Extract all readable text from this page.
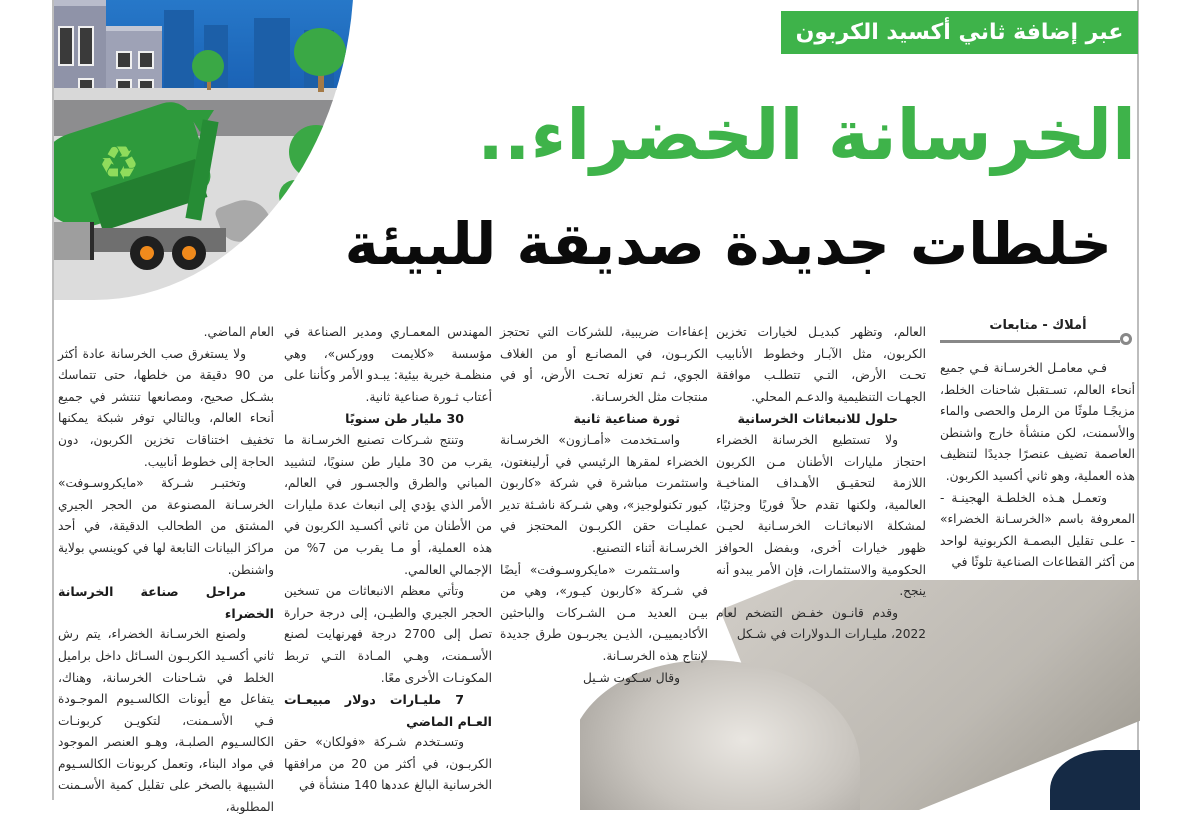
♻
عبر إضافة ثاني أكسيد الكربون
الخرسانة الخضراء..
خلطات جديدة صديقة للبيئة
أملاك - متابعات

فـي معامـل الخرسـانة فـي جميع أنحاء العالم، تسـتقبل شاحنات الخلط، مزيجًـا ملوثًا من الرمل والحصى والماء والأسمنت، لكن منشأة خارج واشنطن العاصمة تضيف عنصرًا جديدًا لتنظيف هذه العملية، وهو ثاني أكسيد الكربون.

وتعمـل هـذه الخلطـة الهجينـة - المعروفة باسم «الخرسـانة الخضراء» - علـى تقليل البصمـة الكربونية لواحد من أكثر القطاعات الصناعية تلوثًا في

العالم، وتظهر كبديـل لخيارات تخزين الكربون، مثل الآبـار وخطوط الأنابيب تحـت الأرض، التـي تتطلـب موافقة الجهـات التنظيمية والدعـم المحلي.

حلول للانبعاثات الخرسانية

ولا تستطيع الخرسانة الخضراء احتجاز مليارات الأطنان مـن الكربون اللازمة لتحقيـق الأهـداف المناخيـة العالمية، ولكنها تقدم حلاً فوريًا وجزئيًا، لمشكلة الانبعاثـات الخرسـانية لحيـن ظهور خيارات أخرى، وبفضل الحوافز الحكومية والاستثمارات، فإن الأمر يبدو أنه ينجح.

وقدم قانـون خفـض التضخم لعام 2022، مليـارات الـدولارات في شـكل

إعفاءات ضريبية، للشركات التي تحتجز الكربـون، في المصانـع أو من الغلاف الجوي، ثـم تعزله تحـت الأرض، أو في منتجات مثل الخرسـانة.

ثورة صناعية ثانية

واسـتخدمت «أمـازون» الخرسـانة الخضراء لمقرها الرئيسي في أرلينغتون، واستثمرت مباشرة في شركة «كاربون كيور تكنولوجيز»، وهي شـركة ناشـئة تدير عمليـات حقن الكربـون المحتجز في الخرسـانة أثناء التصنيع.

واسـتثمرت «مايكروسـوفت» أيضًا في شـركة «كاربون كيـور»، وهي من بيـن العديد مـن الشـركات والباحثين الأكاديمييـن، الذيـن يجربـون طرق جديدة لإنتاج هذه الخرسـانة.

وقال سـكوت شـيل

المهندس المعمـاري ومدير الصناعة في مؤسسة «كلايمت ووركس»، وهي منظمـة خيرية بيئية: يبـدو الأمر وكأننا على أعتاب ثـورة صناعية ثانية.

30 مليار طن سنويًا

وتنتج شـركات تصنيع الخرسـانة ما يقرب من 30 مليار طن سنويًا، لتشييد المباني والطرق والجسـور في العالم، الأمر الذي يؤدي إلى انبعاث عدة مليارات من الأطنان من ثاني أكسـيد الكربون في هذه العملية، أو مـا يقرب من 7% من الإجمالي العالمي.

وتأتي معظم الانبعاثات من تسخين الحجر الجيري والطيـن، إلى درجة حرارة تصل إلى 2700 درجة فهرنهايت لصنع الأسـمنت، وهـي المـادة التـي تربط المكونـات الأخرى معًا.

7 مليـارات دولار مبيعـات العـام الماضي

وتسـتخدم شـركة «فولكان» حقن الكربـون، في أكثر من 20 من مرافقها الخرسانية البالغ عددها 140 منشأة في

العام الماضي.

ولا يستغرق صب الخرسانة عادة أكثر من 90 دقيقة من خلطها، حتى تتماسك بشـكل صحيح، ومصانعها تنتشر في جميع أنحاء العالم، وبالتالي توفر شبكة يمكنها تخفيف اختناقات تخزين الكربون، دون الحاجة إلى خطوط أنابيب.

وتختبـر شـركة «مايكروسـوفت» الخرسـانة المصنوعة من الحجر الجيري المشتق من الطحالب الدقيقة، في أحد مراكز البيانات التابعة لها في كوينسي بولاية واشنطن.

مراحل صناعة الخرسانة الخضراء

ولصنع الخرسـانة الخضراء، يتم رش ثاني أكسـيد الكربـون السـائل داخل براميل الخلط في شـاحنات الخرسانة، وهناك، يتفاعل مع أيونات الكالسـيوم الموجـودة فـي الأسـمنت، لتكويـن كربونـات الكالسـيوم الصلبـة، وهـو العنصر الموجود في مواد البناء، وتعمل كربونات الكالسـيوم الشبيهة بالصخر على تقليل كمية الأسـمنت المطلوبة،
